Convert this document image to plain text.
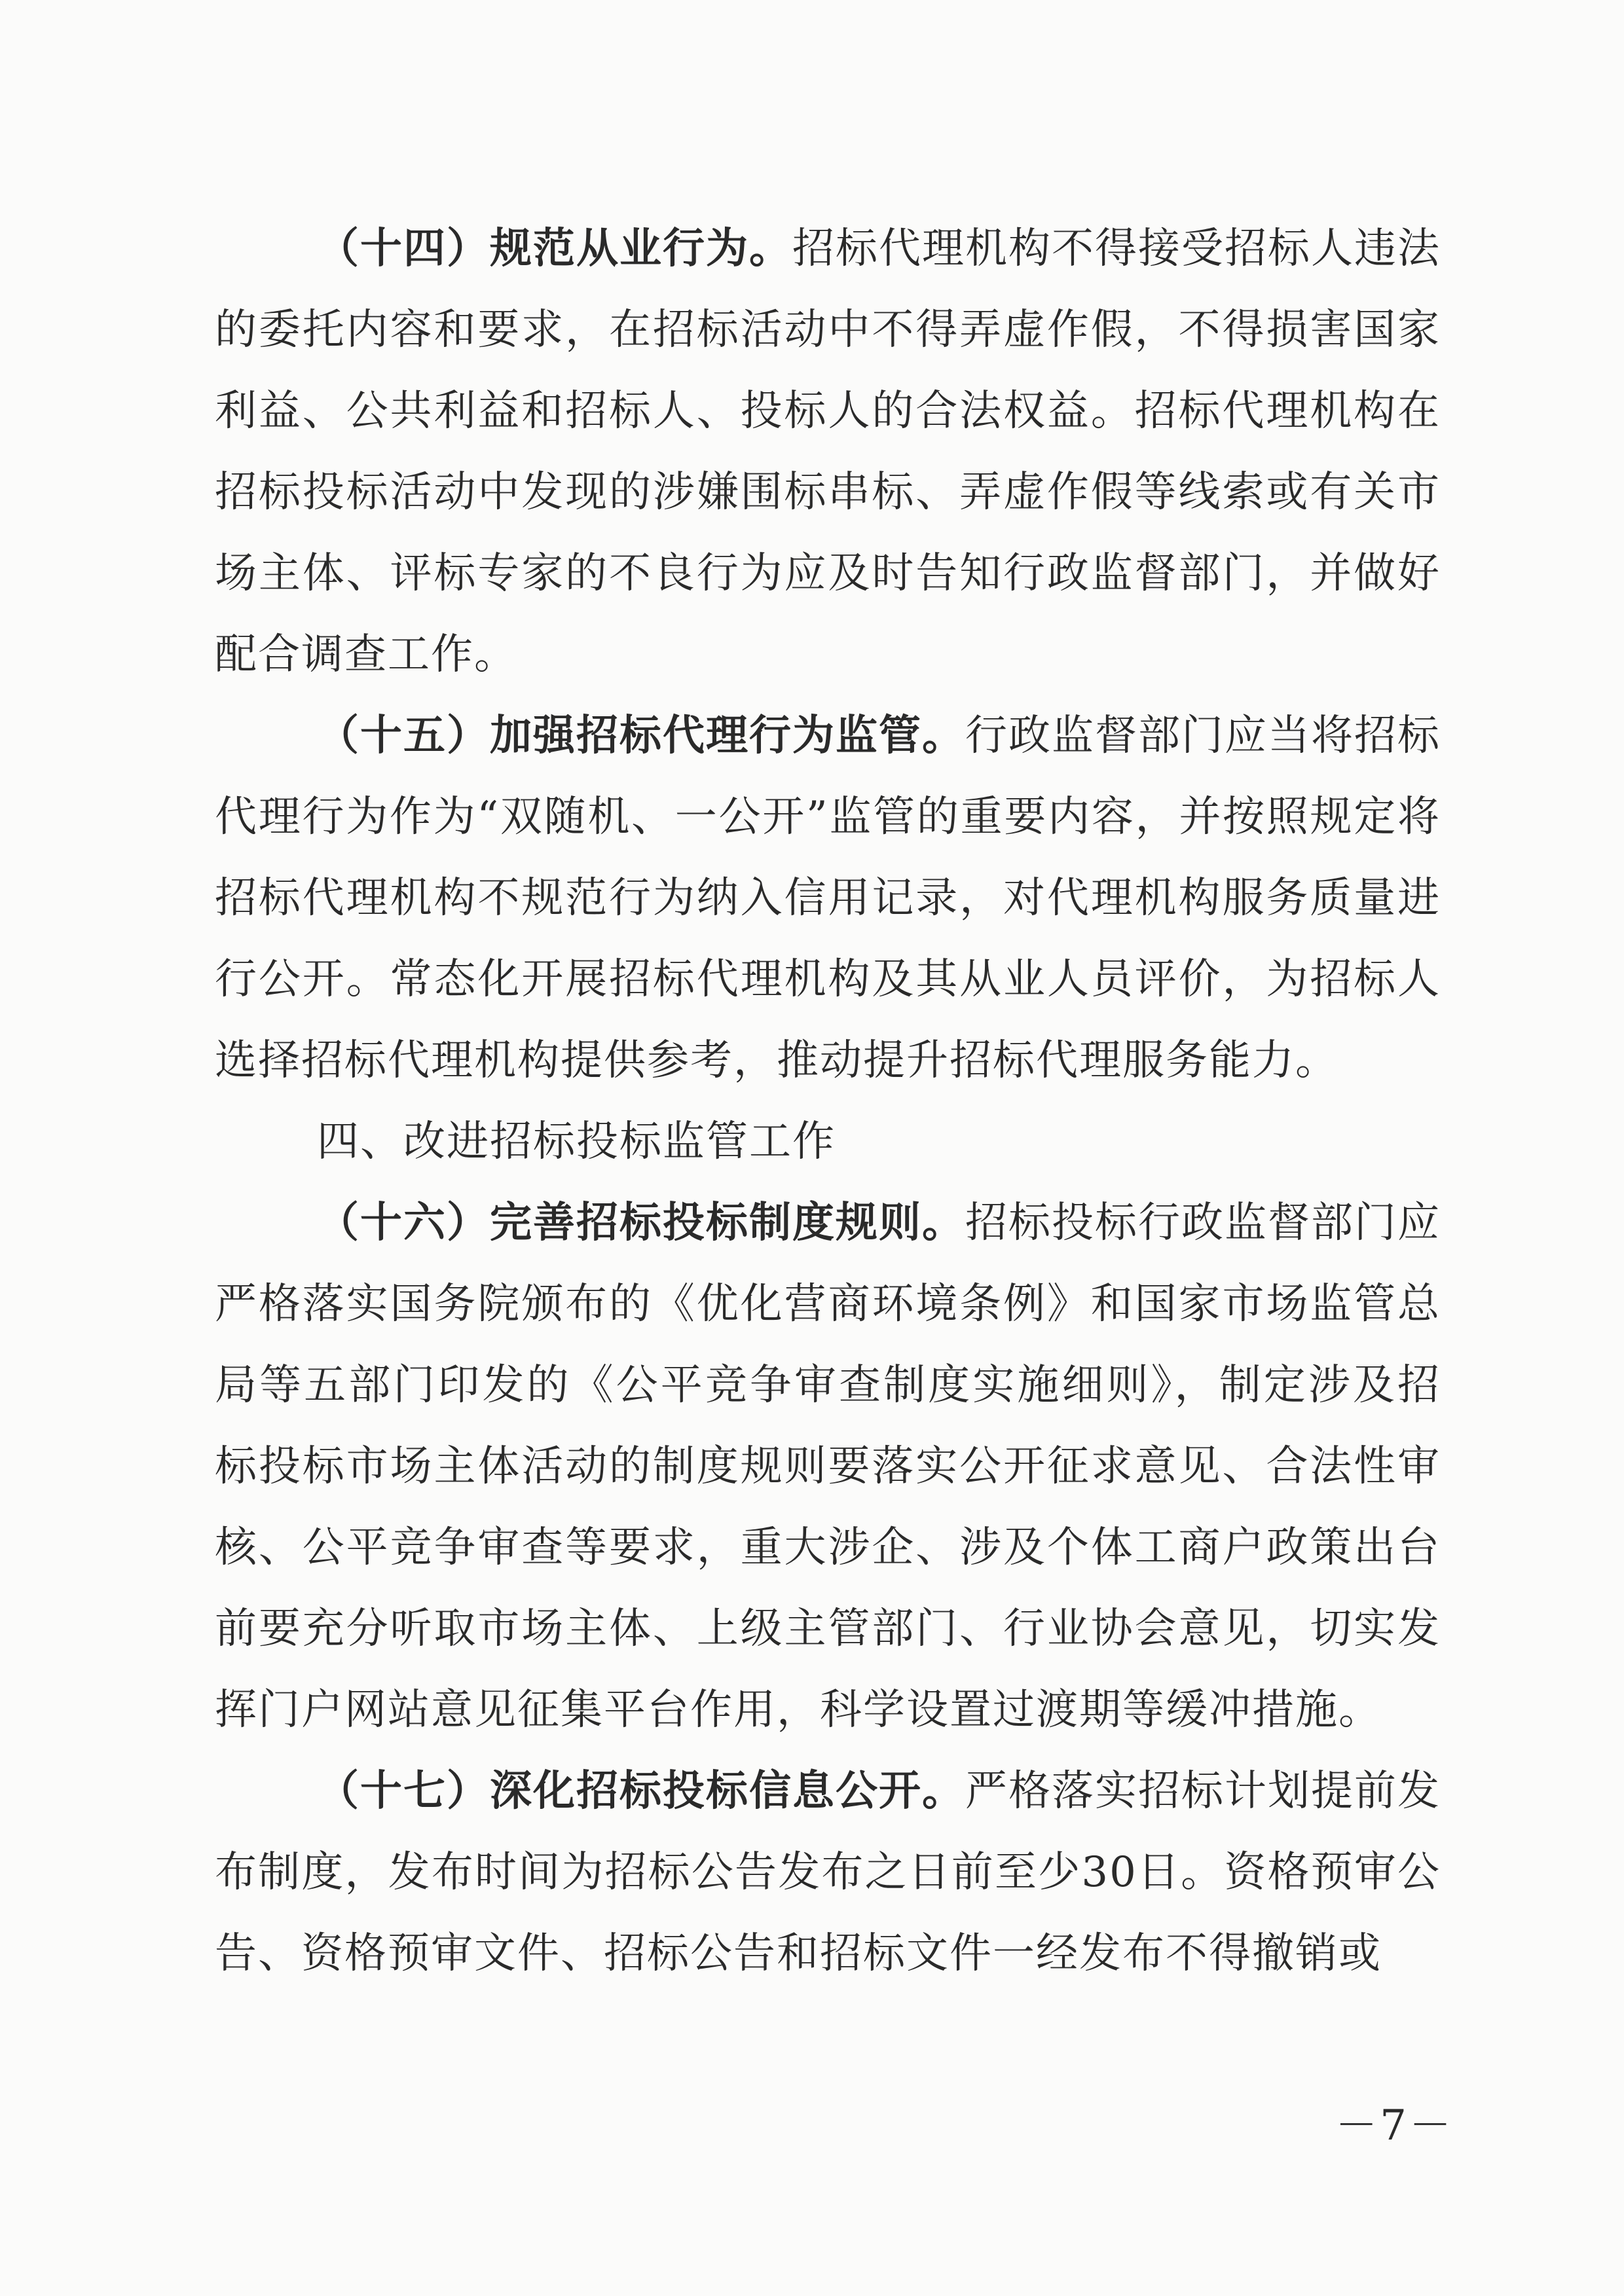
（十四）规范从业行为。招标代理机构不得接受招标人违法的委托内容和要求，在招标活动中不得弄虚作假，不得损害国家利益、公共利益和招标人、投标人的合法权益。招标代理机构在招标投标活动中发现的涉嫌围标串标、弄虚作假等线索或有关市场主体、评标专家的不良行为应及时告知行政监督部门，并做好配合调查工作。

（十五）加强招标代理行为监管。行政监督部门应当将招标代理行为作为“双随机、一公开”监管的重要内容，并按照规定将招标代理机构不规范行为纳入信用记录，对代理机构服务质量进行公开。常态化开展招标代理机构及其从业人员评价，为招标人选择招标代理机构提供参考，推动提升招标代理服务能力。

四、改进招标投标监管工作

（十六）完善招标投标制度规则。招标投标行政监督部门应严格落实国务院颁布的《优化营商环境条例》和国家市场监管总局等五部门印发的《公平竞争审查制度实施细则》，制定涉及招标投标市场主体活动的制度规则要落实公开征求意见、合法性审核、公平竞争审查等要求，重大涉企、涉及个体工商户政策出台前要充分听取市场主体、上级主管部门、行业协会意见，切实发挥门户网站意见征集平台作用，科学设置过渡期等缓冲措施。

（十七）深化招标投标信息公开。严格落实招标计划提前发布制度，发布时间为招标公告发布之日前至少30日。资格预审公告、资格预审文件、招标公告和招标文件一经发布不得撤销或

－7－
